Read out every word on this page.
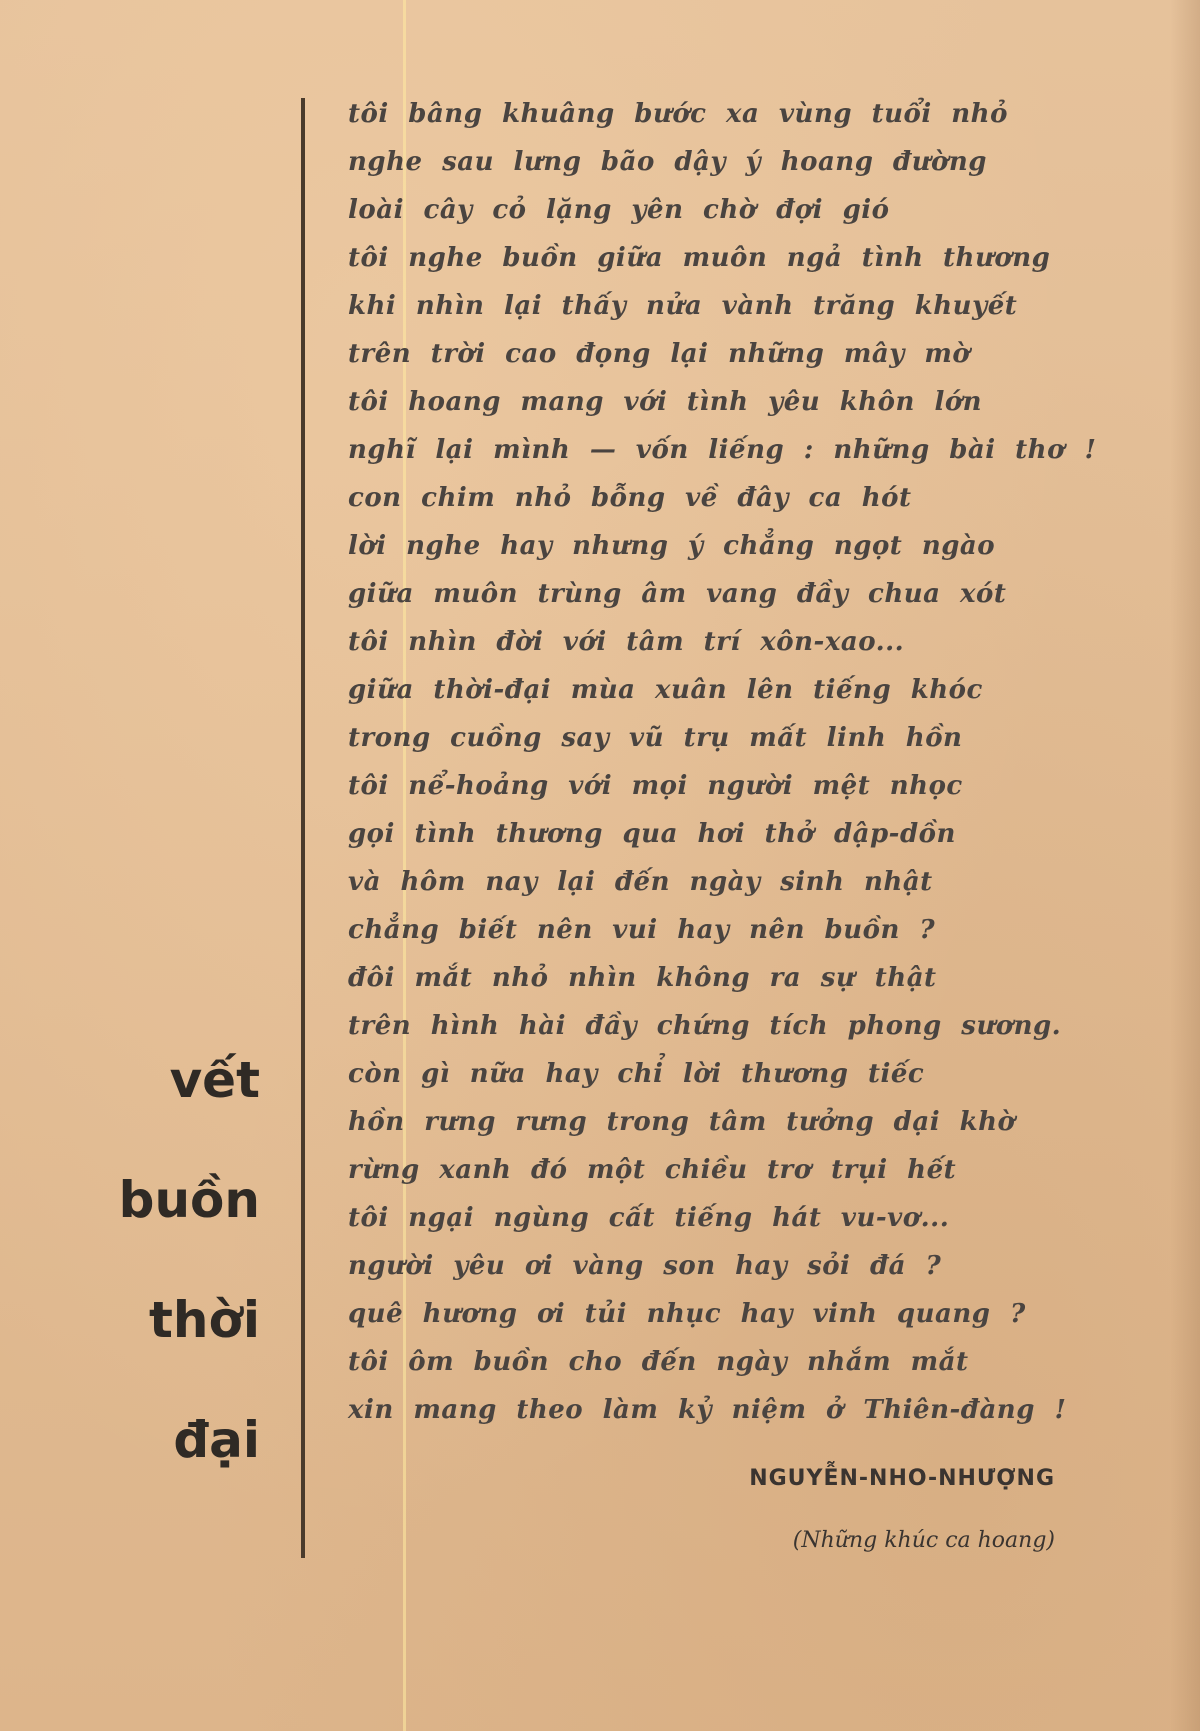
vết
buồn
thời
đại
tôi bâng khuâng bước xa vùng tuổi nhỏ
nghe sau lưng bão dậy ý hoang đường
loài cây cỏ lặng yên chờ đợi gió
tôi nghe buồn giữa muôn ngả tình thương
khi nhìn lại thấy nửa vành trăng khuyết
trên trời cao đọng lại những mây mờ
tôi hoang mang với tình yêu khôn lớn
nghĩ lại mình — vốn liếng : những bài thơ !
con chim nhỏ bỗng về đây ca hót
lời nghe hay nhưng ý chẳng ngọt ngào
giữa muôn trùng âm vang đầy chua xót
tôi nhìn đời với tâm trí xôn-xao...
giữa thời-đại mùa xuân lên tiếng khóc
trong cuồng say vũ trụ mất linh hồn
tôi nể-hoảng với mọi người mệt nhọc
gọi tình thương qua hơi thở dập-dồn
và hôm nay lại đến ngày sinh nhật
chẳng biết nên vui hay nên buồn ?
đôi mắt nhỏ nhìn không ra sự thật
trên hình hài đầy chứng tích phong sương.
còn gì nữa hay chỉ lời thương tiếc
hồn rưng rưng trong tâm tưởng dại khờ
rừng xanh đó một chiều trơ trụi hết
tôi ngại ngùng cất tiếng hát vu-vơ...
người yêu ơi vàng son hay sỏi đá ?
quê hương ơi tủi nhục hay vinh quang ?
tôi ôm buồn cho đến ngày nhắm mắt
xin mang theo làm kỷ niệm ở Thiên-đàng !
NGUYỄN-NHO-NHƯỢNG
(Những khúc ca hoang)
